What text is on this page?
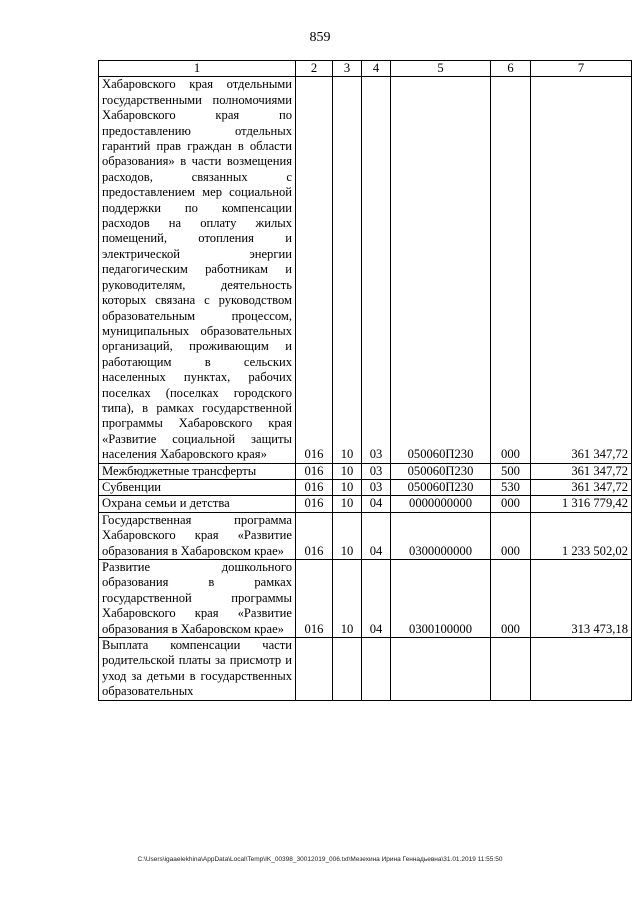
859
1	2	3	4	5	6	7
Хабаровского края отдельными государственными полномочиями Хабаровского края по предоставлению отдельных гарантий прав граждан в области образования» в части возмещения расходов, связанных с предоставлением мер социальной поддержки по компенсации расходов на оплату жилых помещений, отопления и электрической энергии педагогическим работникам и руководителям, деятельность которых связана с руководством образовательным процессом, муниципальных образовательных организаций, проживающим и работающим в сельских населенных пунктах, рабочих поселках (поселках городского типа), в рамках государственной программы Хабаровского края «Развитие социальной защиты населения Хабаровского края»	016	10	03	050060П230	000	361 347,72
Межбюджетные трансферты	016	10	03	050060П230	500	361 347,72
Субвенции	016	10	03	050060П230	530	361 347,72
Охрана семьи и детства	016	10	04	0000000000	000	1 316 779,42
Государственная программа Хабаровского края «Развитие образования в Хабаровском крае»	016	10	04	0300000000	000	1 233 502,02
Развитие дошкольного образования в рамках государственной программы Хабаровского края «Развитие образования в Хабаровском крае»	016	10	04	0300100000	000	313 473,18
Выплата компенсации части родительской платы за присмотр и уход за детьми в государственных образовательных						
C:\Users\igaaelekhina\AppData\Local\Temp\IK_00398_30012019_006.txt\Мезехина Ирина Геннадьевна\31.01.2019 11:55:50
